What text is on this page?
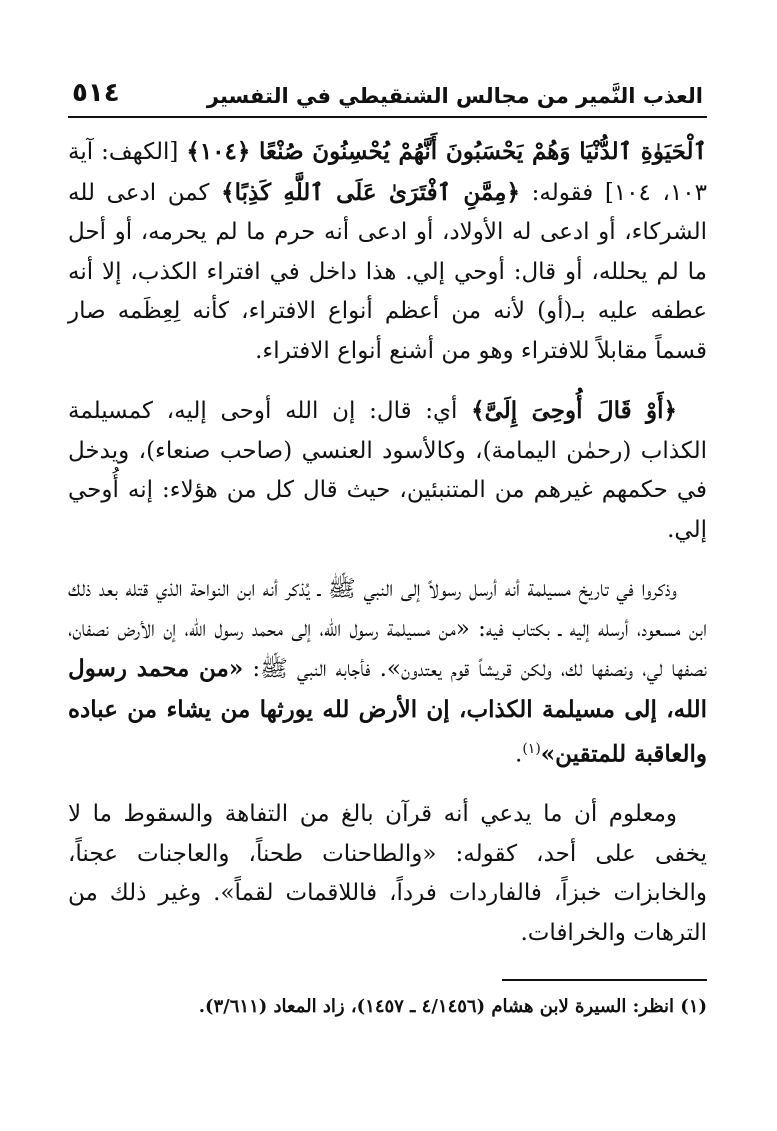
العذب النَّمير من مجالس الشنقيطي في التفسير
٥١٤

ٱلْحَيَوٰةِ ٱلدُّنْيَا وَهُمْ يَحْسَبُونَ أَنَّهُمْ يُحْسِنُونَ صُنْعًا ﴿١٠٤﴾ [الكهف: آية ١٠٣، ١٠٤] فقوله: ﴿مِمَّنِ ٱفْتَرَىٰ عَلَى ٱللَّهِ كَذِبًا﴾ كمن ادعى لله الشركاء، أو ادعى له الأولاد، أو ادعى أنه حرم ما لم يحرمه، أو أحل ما لم يحلله، أو قال: أوحي إلي. هذا داخل في افتراء الكذب، إلا أنه عطفه عليه بـ(أو) لأنه من أعظم أنواع الافتراء، كأنه لِعِظَمه صار قسماً مقابلاً للافتراء وهو من أشنع أنواع الافتراء.

﴿أَوْ قَالَ أُوحِىَ إِلَىَّ﴾ أي: قال: إن الله أوحى إليه، كمسيلمة الكذاب (رحمٰن اليمامة)، وكالأسود العنسي (صاحب صنعاء)، ويدخل في حكمهم غيرهم من المتنبئين، حيث قال كل من هؤلاء: إنه أُوحي إلي.

وذكروا في تاريخ مسيلمة أنه أرسل رسولاً إلى النبي ﷺ ـ يُذكر أنه ابن النواحة الذي قتله بعد ذلك ابن مسعود، أرسله إليه ـ بكتاب فيه: «من مسيلمة رسول الله، إلى محمد رسول الله، إن الأرض نصفان، نصفها لي، ونصفها لك، ولكن قريشاً قوم يعتدون». فأجابه النبي ﷺ: «من محمد رسول الله، إلى مسيلمة الكذاب، إن الأرض لله يورثها من يشاء من عباده والعاقبة للمتقين»$^{(١)}$.

ومعلوم أن ما يدعي أنه قرآن بالغ من التفاهة والسقوط ما لا يخفى على أحد، كقوله: «والطاحنات طحناً، والعاجنات عجناً، والخابزات خبزاً، فالفاردات فرداً، فاللاقمات لقماً». وغير ذلك من الترهات والخرافات.

(١) انظر: السيرة لابن هشام (٤/١٤٥٦ ـ ١٤٥٧)، زاد المعاد (٣/٦١١).
